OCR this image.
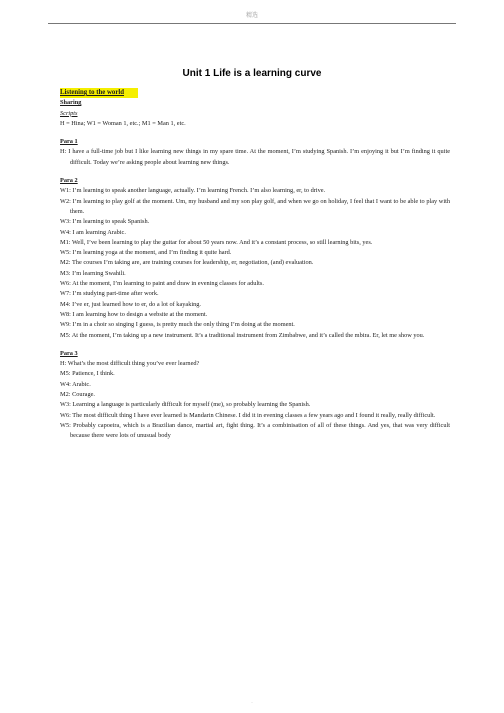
精选
Unit 1 Life is a learning curve
Listening to the world
Sharing
Scripts
H = Hina; W1 = Woman 1, etc.; M1 = Man 1, etc.
Para 1
H: I have a full-time job but I like learning new things in my spare time. At the moment, I’m studying Spanish. I’m enjoying it but I’m finding it quite difficult. Today we’re asking people about learning new things.
Para 2
W1: I’m learning to speak another language, actually. I’m learning French. I’m also learning, er, to drive.
W2: I’m learning to play golf at the moment. Um, my husband and my son play golf, and when we go on holiday, I feel that I want to be able to play with them.
W3: I’m learning to speak Spanish.
W4: I am learning Arabic.
M1: Well, I’ve been learning to play the guitar for about 50 years now. And it’s a constant process, so still learning bits, yes.
W5: I’m learning yoga at the moment, and I’m finding it quite hard.
M2: The courses I’m taking are, are training courses for leadership, er, negotiation, (and) evaluation.
M3: I’m learning Swahili.
W6: At the moment, I’m learning to paint and draw in evening classes for adults.
W7: I’m studying part-time after work.
M4: I’ve er, just learned how to er, do a lot of kayaking.
W8: I am learning how to design a website at the moment.
W9: I’m in a choir so singing I guess, is pretty much the only thing I’m doing at the moment.
M5: At the moment, I’m taking up a new instrument. It’s a traditional instrument from Zimbabwe, and it’s called the mbira. Er, let me show you.
Para 3
H: What’s the most difficult thing you’ve ever learned?
M5: Patience, I think.
W4: Arabic.
M2: Courage.
W3: Learning a language is particularly difficult for myself (me), so probably learning the Spanish.
W6: The most difficult thing I have ever learned is Mandarin Chinese. I did it in evening classes a few years ago and I found it really, really difficult.
W5: Probably capoeira, which is a Brazilian dance, martial art, fight thing. It’s a combinisation of all of these things. And yes, that was very difficult because there were lots of unusual body
.
